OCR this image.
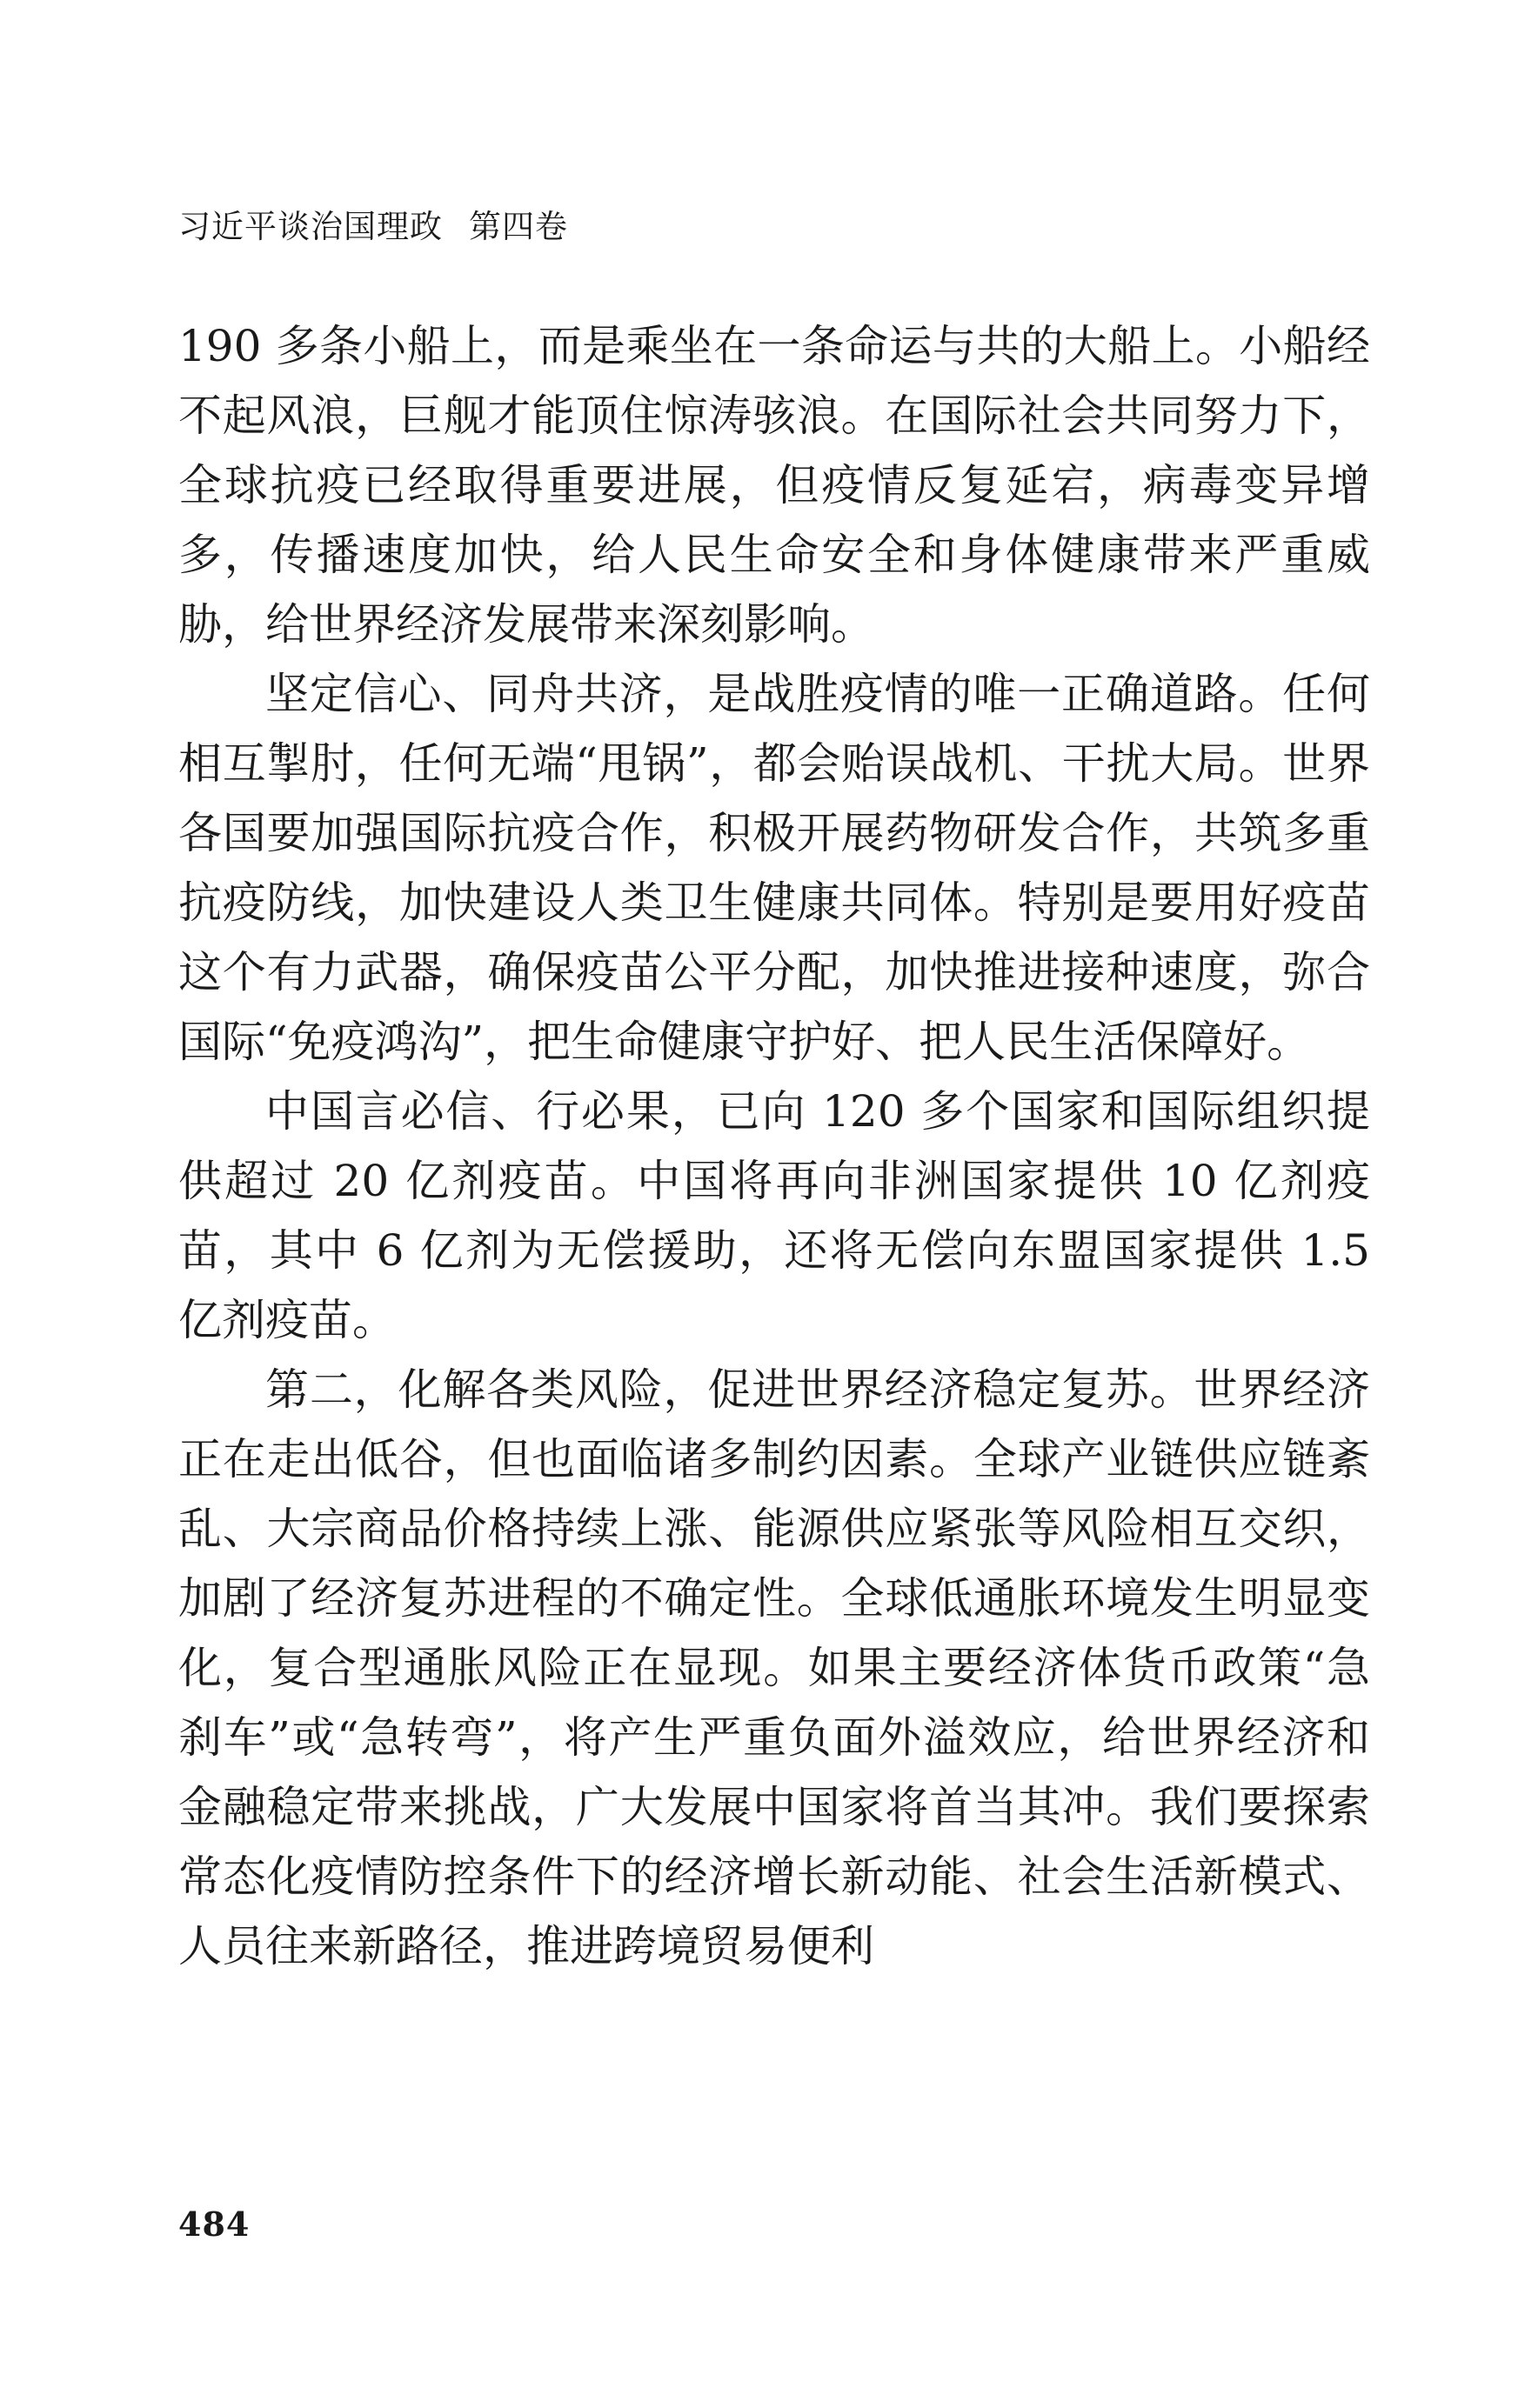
习近平谈治国理政 第四卷

190 多条小船上，而是乘坐在一条命运与共的大船上。小船经不起风浪，巨舰才能顶住惊涛骇浪。在国际社会共同努力下，全球抗疫已经取得重要进展，但疫情反复延宕，病毒变异增多，传播速度加快，给人民生命安全和身体健康带来严重威胁，给世界经济发展带来深刻影响。

坚定信心、同舟共济，是战胜疫情的唯一正确道路。任何相互掣肘，任何无端“甩锅”，都会贻误战机、干扰大局。世界各国要加强国际抗疫合作，积极开展药物研发合作，共筑多重抗疫防线，加快建设人类卫生健康共同体。特别是要用好疫苗这个有力武器，确保疫苗公平分配，加快推进接种速度，弥合国际“免疫鸿沟”，把生命健康守护好、把人民生活保障好。

中国言必信、行必果，已向 120 多个国家和国际组织提供超过 20 亿剂疫苗。中国将再向非洲国家提供 10 亿剂疫苗，其中 6 亿剂为无偿援助，还将无偿向东盟国家提供 1.5 亿剂疫苗。

第二，化解各类风险，促进世界经济稳定复苏。世界经济正在走出低谷，但也面临诸多制约因素。全球产业链供应链紊乱、大宗商品价格持续上涨、能源供应紧张等风险相互交织，加剧了经济复苏进程的不确定性。全球低通胀环境发生明显变化，复合型通胀风险正在显现。如果主要经济体货币政策“急刹车”或“急转弯”，将产生严重负面外溢效应，给世界经济和金融稳定带来挑战，广大发展中国家将首当其冲。我们要探索常态化疫情防控条件下的经济增长新动能、社会生活新模式、人员往来新路径，推进跨境贸易便利

484
